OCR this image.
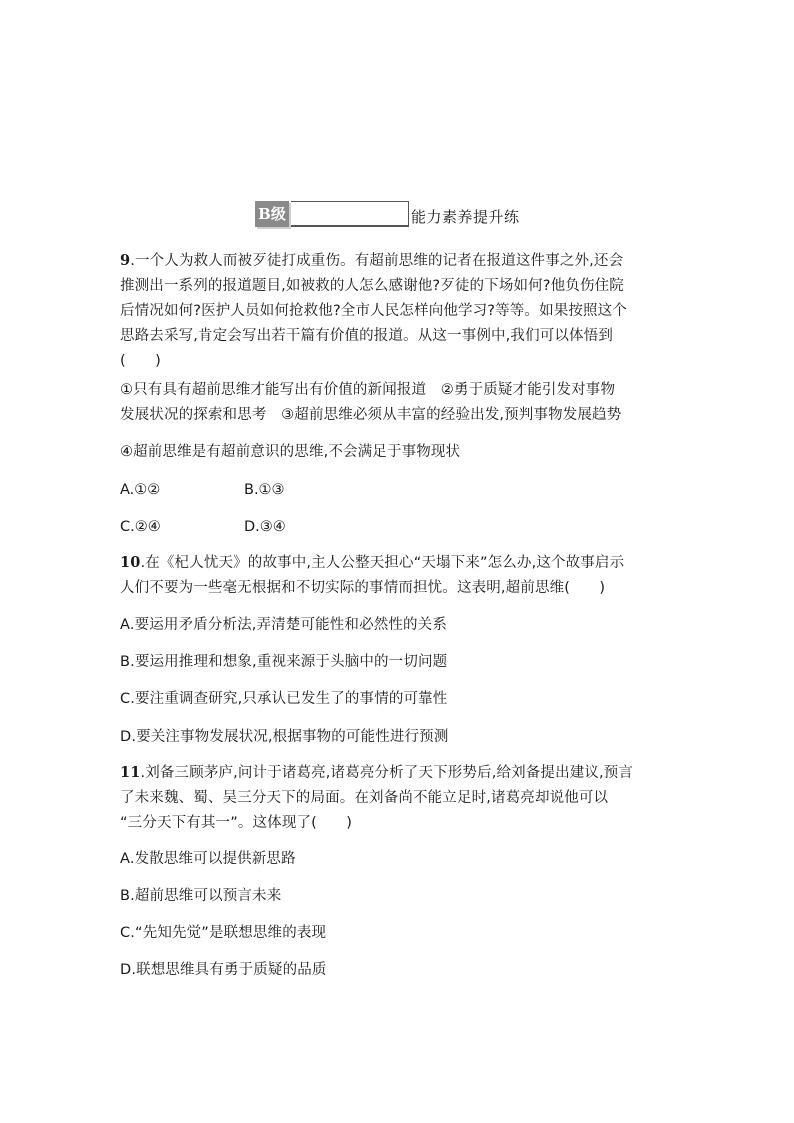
B级	能力素养提升练
9.一个人为救人而被歹徒打成重伤。有超前思维的记者在报道这件事之外,还会
推测出一系列的报道题目,如被救的人怎么感谢他?歹徒的下场如何?他负伤住院
后情况如何?医护人员如何抢救他?全市人民怎样向他学习?等等。如果按照这个
思路去采写,肯定会写出若干篇有价值的报道。从这一事例中,我们可以体悟到
(　　)
①只有具有超前思维才能写出有价值的新闻报道　②勇于质疑才能引发对事物
发展状况的探索和思考　③超前思维必须从丰富的经验出发,预判事物发展趋势
④超前思维是有超前意识的思维,不会满足于事物现状
A.①②	B.①③
C.②④	D.③④
10.在《杞人忧天》的故事中,主人公整天担心“天塌下来”怎么办,这个故事启示
人们不要为一些毫无根据和不切实际的事情而担忧。这表明,超前思维(　　)
A.要运用矛盾分析法,弄清楚可能性和必然性的关系
B.要运用推理和想象,重视来源于头脑中的一切问题
C.要注重调查研究,只承认已发生了的事情的可靠性
D.要关注事物发展状况,根据事物的可能性进行预测
11.刘备三顾茅庐,问计于诸葛亮,诸葛亮分析了天下形势后,给刘备提出建议,预言
了未来魏、蜀、吴三分天下的局面。在刘备尚不能立足时,诸葛亮却说他可以
“三分天下有其一”。这体现了(　　)
A.发散思维可以提供新思路
B.超前思维可以预言未来
C.“先知先觉”是联想思维的表现
D.联想思维具有勇于质疑的品质
